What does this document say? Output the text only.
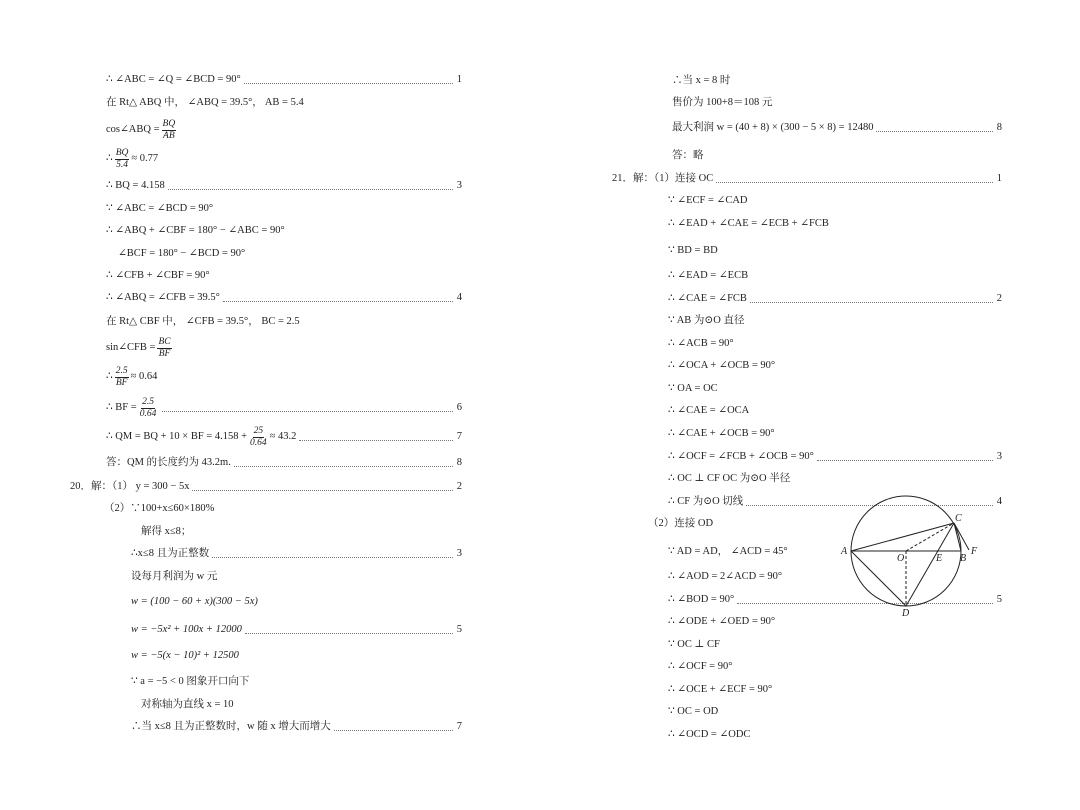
∴ ∠ABC = ∠Q = ∠BCD = 90°	1
在 Rt△ ABQ 中， ∠ABQ = 39.5°， AB = 5.4
cos∠ABQ = $\frac{BQ}{AB}$
∴ $\frac{BQ}{5.4} \approx 0.77$
∴ BQ = 4.158	3
∵ ∠ABC = ∠BCD = 90°
∴ ∠ABQ + ∠CBF = 180° − ∠ABC = 90°
∠BCF = 180° − ∠BCD = 90°
∴ ∠CFB + ∠CBF = 90°
∴ ∠ABQ = ∠CFB = 39.5°	4
在 Rt△ CBF 中， ∠CFB = 39.5°， BC = 2.5
sin∠CFB = $\frac{BC}{BF}$
∴ $\frac{2.5}{BF} \approx 0.64$
∴ BF = $\frac{2.5}{0.64}$	6
∴ QM = BQ + 10 × BF = $4.158 + \frac{25}{0.64} \approx 43.2$	7
答：QM 的长度约为 43.2m.	8
20．解：（1） y = 300 − 5x	2
（2）∵100+x≤60×180%
解得 x≤8；
∴x≤8 且为正整数	3
设每月利润为 w 元
w = (100 − 60 + x)(300 − 5x)
w = −5x² + 100x + 12000	5
w = −5(x − 10)² + 12500
∵ a = −5 < 0 图象开口向下
对称轴为直线 x = 10
∴当 x≤8 且为正整数时，w 随 x 增大而增大	7
∴当 x = 8 时
售价为 100+8＝108 元
最大利润 w = (40 + 8) × (300 − 5 × 8) = 12480	8
答：略
21．解：（1）连接 OC	1
∵ ∠ECF = ∠CAD
∴ ∠EAD + ∠CAE = ∠ECB + ∠FCB
∵ BD = BD
∴ ∠EAD = ∠ECB
∴ ∠CAE = ∠FCB	2
∵ AB 为⊙O 直径
∴ ∠ACB = 90°
∴ ∠OCA + ∠OCB = 90°
∵ OA = OC
∴ ∠CAE = ∠OCA
∴ ∠CAE + ∠OCB = 90°
∴ ∠OCF = ∠FCB + ∠OCB = 90°	3
∴ OC ⊥ CF OC 为⊙O 半径
∴ CF 为⊙O 切线	4
（2）连接 OD
∵ AD = AD， ∠ACD = 45°
∴ ∠AOD = 2∠ACD = 90°
∴ ∠BOD = 90°	5
∴ ∠ODE + ∠OED = 90°
∵ OC ⊥ CF
∴ ∠OCF = 90°
∴ ∠OCE + ∠ECF = 90°
∵ OC = OD
∴ ∠OCD = ∠ODC
A
O	E B
F
C
D
